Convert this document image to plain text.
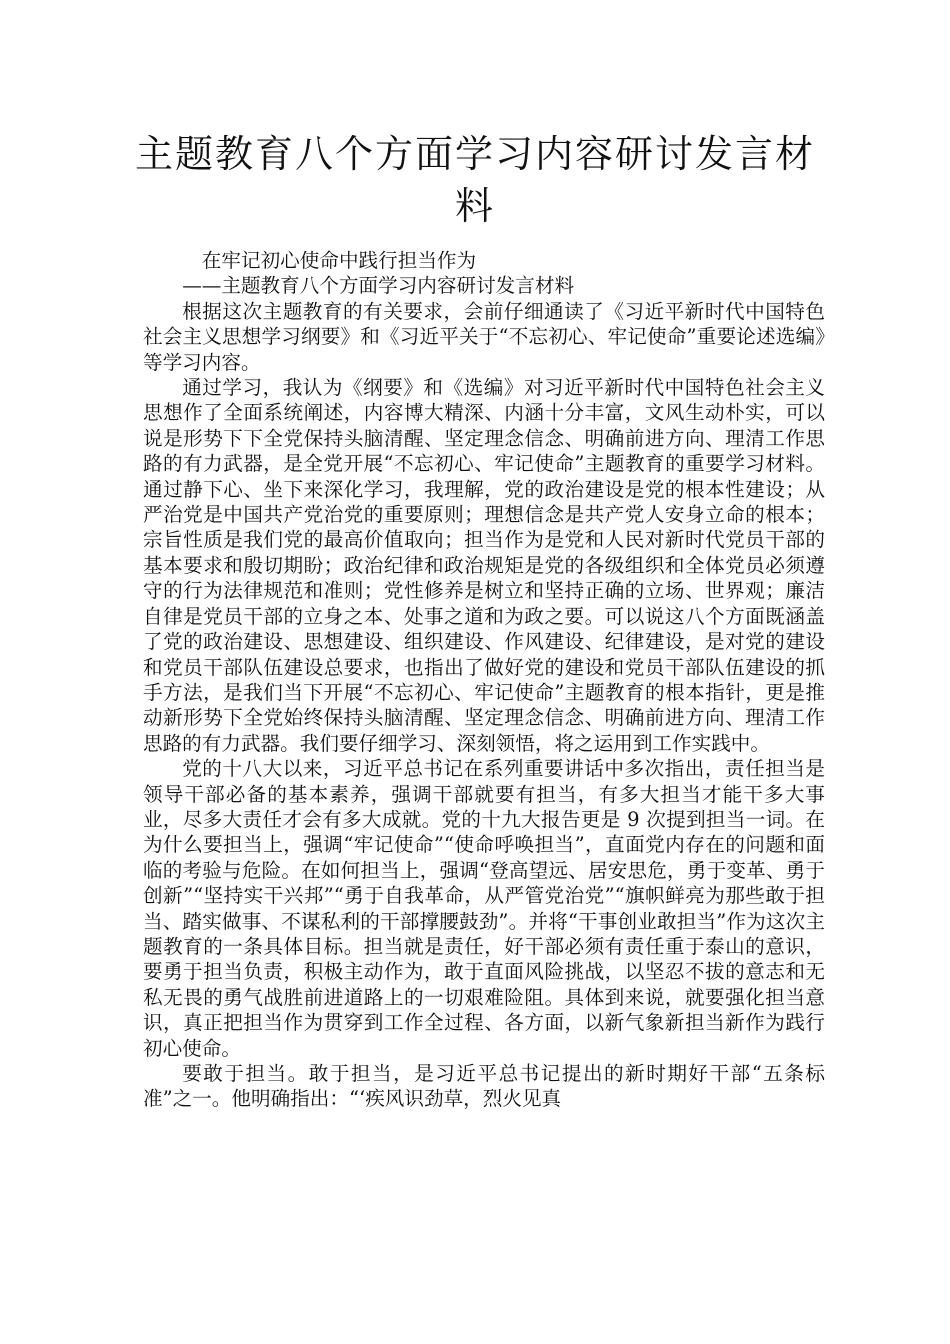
主题教育八个方面学习内容研讨发言材料

在牢记初心使命中践行担当作为

——主题教育八个方面学习内容研讨发言材料

根据这次主题教育的有关要求，会前仔细通读了《习近平新时代中国特色社会主义思想学习纲要》和《习近平关于“不忘初心、牢记使命”重要论述选编》等学习内容。

通过学习，我认为《纲要》和《选编》对习近平新时代中国特色社会主义思想作了全面系统阐述，内容博大精深、内涵十分丰富，文风生动朴实，可以说是形势下下全党保持头脑清醒、坚定理念信念、明确前进方向、理清工作思路的有力武器，是全党开展“不忘初心、牢记使命”主题教育的重要学习材料。通过静下心、坐下来深化学习，我理解，党的政治建设是党的根本性建设；从严治党是中国共产党治党的重要原则；理想信念是共产党人安身立命的根本；宗旨性质是我们党的最高价值取向；担当作为是党和人民对新时代党员干部的基本要求和殷切期盼；政治纪律和政治规矩是党的各级组织和全体党员必须遵守的行为法律规范和准则；党性修养是树立和坚持正确的立场、世界观；廉洁自律是党员干部的立身之本、处事之道和为政之要。可以说这八个方面既涵盖了党的政治建设、思想建设、组织建设、作风建设、纪律建设，是对党的建设和党员干部队伍建设总要求，也指出了做好党的建设和党员干部队伍建设的抓手方法，是我们当下开展“不忘初心、牢记使命”主题教育的根本指针，更是推动新形势下全党始终保持头脑清醒、坚定理念信念、明确前进方向、理清工作思路的有力武器。我们要仔细学习、深刻领悟，将之运用到工作实践中。

党的十八大以来，习近平总书记在系列重要讲话中多次指出，责任担当是领导干部必备的基本素养，强调干部就要有担当，有多大担当才能干多大事业，尽多大责任才会有多大成就。党的十九大报告更是 9 次提到担当一词。在为什么要担当上，强调“牢记使命”“使命呼唤担当”，直面党内存在的问题和面临的考验与危险。在如何担当上，强调“登高望远、居安思危，勇于变革、勇于创新”“坚持实干兴邦”“勇于自我革命，从严管党治党”“旗帜鲜亮为那些敢于担当、踏实做事、不谋私利的干部撑腰鼓劲”。并将“干事创业敢担当”作为这次主题教育的一条具体目标。担当就是责任，好干部必须有责任重于泰山的意识，要勇于担当负责，积极主动作为，敢于直面风险挑战，以坚忍不拔的意志和无私无畏的勇气战胜前进道路上的一切艰难险阻。具体到来说，就要强化担当意识，真正把担当作为贯穿到工作全过程、各方面，以新气象新担当新作为践行初心使命。

要敢于担当。敢于担当，是习近平总书记提出的新时期好干部“五条标准”之一。他明确指出：“‘疾风识劲草，烈火见真
